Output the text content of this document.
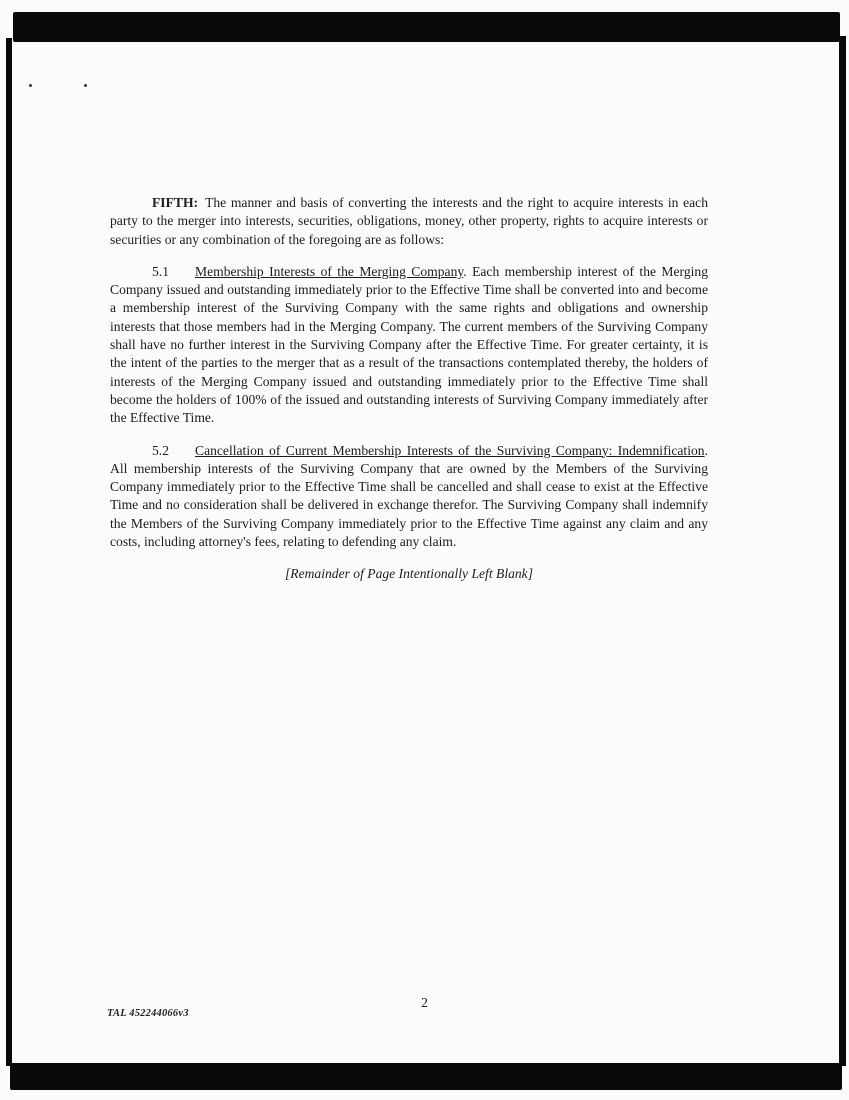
FIFTH: The manner and basis of converting the interests and the right to acquire interests in each party to the merger into interests, securities, obligations, money, other property, rights to acquire interests or securities or any combination of the foregoing are as follows:

5.1 Membership Interests of the Merging Company. Each membership interest of the Merging Company issued and outstanding immediately prior to the Effective Time shall be converted into and become a membership interest of the Surviving Company with the same rights and obligations and ownership interests that those members had in the Merging Company. The current members of the Surviving Company shall have no further interest in the Surviving Company after the Effective Time. For greater certainty, it is the intent of the parties to the merger that as a result of the transactions contemplated thereby, the holders of interests of the Merging Company issued and outstanding immediately prior to the Effective Time shall become the holders of 100% of the issued and outstanding interests of Surviving Company immediately after the Effective Time.

5.2 Cancellation of Current Membership Interests of the Surviving Company: Indemnification. All membership interests of the Surviving Company that are owned by the Members of the Surviving Company immediately prior to the Effective Time shall be cancelled and shall cease to exist at the Effective Time and no consideration shall be delivered in exchange therefor. The Surviving Company shall indemnify the Members of the Surviving Company immediately prior to the Effective Time against any claim and any costs, including attorney's fees, relating to defending any claim.

[Remainder of Page Intentionally Left Blank]

2
TAL 452244066v3
